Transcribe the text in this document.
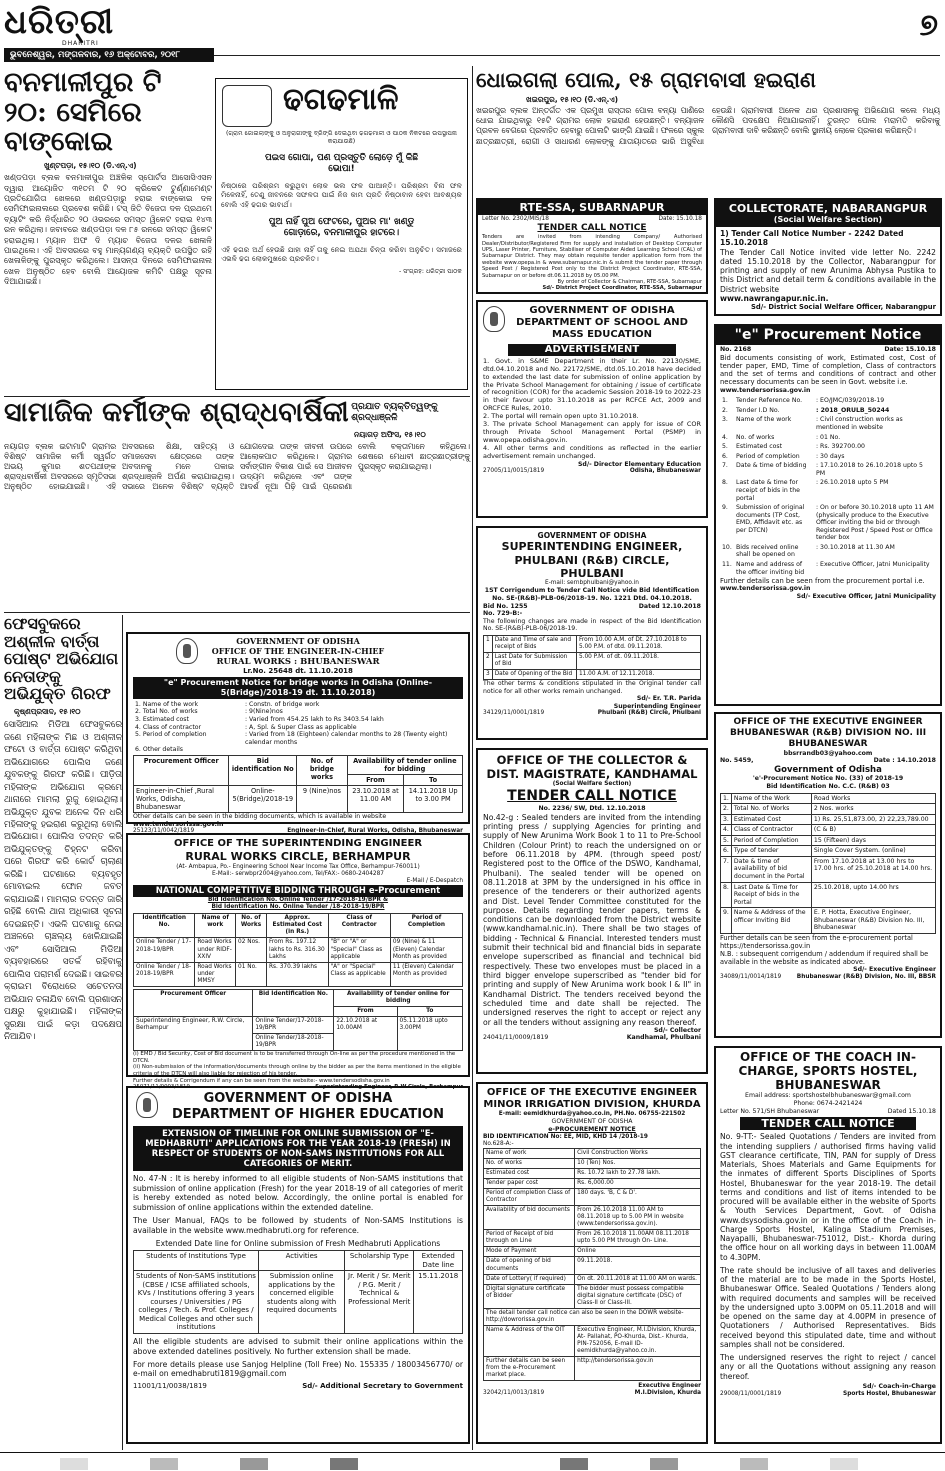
ଧରିତ୍ରୀ
DHARITRI
ଭୁବନେଶ୍ୱର, ମଙ୍ଗଳବାର, ୧୬ ଅକ୍ଟୋବର, ୨୦୧୮
୭
ବନମାଳୀପୁର ଟି ୨୦: ସେମିରେ ବାଙ୍କୋଇ
ଖୁଣ୍ଟପଡ଼ା, ୧୫।୧୦ (ଡି.ଏନ୍.ଏ)
ଖଣ୍ଡପଡ଼ା ବ୍ଲକ ବନମାଳୀପୁର ଅଞ୍ଚଳିକ ସ୍ପୋର୍ଟସ ଆସୋସିଏସନ ଦ୍ୱାରା ଆୟୋଜିତ ୩୧ତମ ଟି ୨୦ କ୍ରିକେଟ ଟୁର୍ଣ୍ଣାମେଣ୍ଟ ପ୍ରତିଯୋଗିତା ଖେଳରେ ଖଣ୍ଡପଡ଼ାରୁ ହରାଇ ବାଙ୍କୋଇ ଦଳ ସେମିଫାଇନାଲରେ ପ୍ରବେଶ କରିଛି। ଟସ୍ ଜିତି ବିଜେତା ଦଳ ପ୍ରଥମେ ବ୍ୟାଟିଂ କରି ନିର୍ଦ୍ଧାରିତ ୨୦ ଓଭରରେ ସମସ୍ତ ୱିକେଟ ହରାଇ ୧୪୩ ରନ କରିଥିଲା। ଜବାବରେ ଖଣ୍ଡପଡ଼ା ଦଳ ୮୫ ରନରେ ସମସ୍ତ ୱିକେଟ ହରାଇଥିଲା। ମ୍ୟାନ ଅଫ ଦି ମ୍ୟାଚ ବିଜେତା ଦଳର ଖେଳାଳି ପାଇଥିଲେ। ଏହି ଅବସରରେ ବହୁ ମାନ୍ୟଗଣ୍ୟ ବ୍ୟକ୍ତି ଉପସ୍ଥିତ ରହି ଖେଳାଳିଙ୍କୁ ପୁରସ୍କୃତ କରିଥିଲେ। ଆସନ୍ତା ଦିନରେ ସେମିଫାଇନାଲ ଖେଳ ଅନୁଷ୍ଠିତ ହେବ ବୋଲି ଆୟୋଜକ କମିଟି ପକ୍ଷରୁ ସୂଚନା ଦିଆଯାଇଛି।
ଢଗଢମାଳି
(ଗ୍ରାମ ଜୋଇଲାଙ୍କୁ ଓ ଅନୁରାଗୀଙ୍କୁ ବ୍ରିଙ୍ଗି ଦେଇଥିବା ଢଗଢମାଳୀ ଓ ପାଠକ ନିକଟରେ ଉପସ୍ଥାପନା କରାଯାଉଛି)
ପଇସ ଗୋପା, ପଣ ପ୍ରସ୍ତୁତି ଲୋଡ଼େ ମୁଁ କିଛି ଭୋପା!
ନିଷ୍ଠାରେ ପରିଶ୍ରମ କରୁଥିବା ଲୋକ ଭଲ ଫଳ ପାଆନ୍ତି। ପରିଶ୍ରମ ବିନା ଫଳ ମିଳେନାହିଁ, ତେଣୁ ଜୀବନରେ ସଫଳତା ପାଇଁ ନିଜ କାମ ପ୍ରତି ନିଷ୍ଠାବାନ ହେବା ଆବଶ୍ୟକ ବୋଲି ଏହି ଢଗର ଭାବାର୍ଥ।
ପୁଅ ନାହିଁ ପୁଅ ଫେଟରେ, ପୁଅର ମା' ଖଣ୍ଡୁ ଗୋଡ଼ାରେ, ବନମାଳୀପୁର ହାଟରେ।
ଏହି ଢଗର ଅର୍ଥ ହେଉଛି ଯାହା ନାହିଁ ତାକୁ ନେଇ ଅଯଥା ଚିନ୍ତା କରିବା ଅନୁଚିତ। ସମାଜରେ ଏଭଳି ଢଗ ଲୋକମୁଖରେ ପ୍ରଚଳିତ।
- ସଂଗ୍ରହ: ଧରିତ୍ରୀ ପାଠକ
ଧୋଇଗଲା ପୋଲ, ୧୫ ଗ୍ରାମବାସୀ ହଇରାଣ
ଖଇରପୁର, ୧୫।୧୦ (ଡି.ଏନ୍.ଏ)
ଖଇରପୁର ବ୍ଲକ ଅନ୍ତର୍ଗତ ଏକ ପ୍ରମୁଖ ରାସ୍ତାର ପୋଲ ବନ୍ୟା ପାଣିରେ ଧୋଇ ଯାଇଥିବାରୁ ୧୫ଟି ଗ୍ରାମର ଲୋକ ହଇରାଣ ହେଉଛନ୍ତି। ବନ୍ୟାଜଳ ପ୍ରବଳ ବେଗରେ ପ୍ରବାହିତ ହେବାରୁ ପୋଲଟି ଭାଙ୍ଗି ଯାଇଛି। ଫଳରେ ସ୍କୁଲ ଛାତ୍ରଛାତ୍ରୀ, ରୋଗୀ ଓ ସାଧାରଣ ଲୋକଙ୍କୁ ଯାତାୟାତରେ ଭାରି ଅସୁବିଧା ହେଉଛି। ଗ୍ରାମବାସୀ ଅନେକ ଥର ପ୍ରଶାସନକୁ ଅଭିଯୋଗ କଲେ ମଧ୍ୟ କୌଣସି ପଦକ୍ଷେପ ନିଆଯାଇନାହିଁ। ତୁରନ୍ତ ପୋଲ ମରାମତି କରିବାକୁ ଗ୍ରାମବାସୀ ଦାବି କରିଛନ୍ତି ବୋଲି ସ୍ଥାନୀୟ ଲୋକେ ପ୍ରକାଶ କରିଛନ୍ତି।
ସାମାଜିକ କର୍ମୀଙ୍କ ଶ୍ରାଦ୍ଧବାର୍ଷିକୀ ପ୍ରଯାତ ବ୍ୟକ୍ତିତ୍ୱଙ୍କୁ ଶ୍ରଦ୍ଧାଞ୍ଜଳି
ନୟାଗଡ଼ ଅଫିସ, ୧୫।୧୦
ନୟାଗଡ଼ ବ୍ଲକ ଇଟାମାଟି ଗ୍ରାମର ବିଶିଷ୍ଟ ସାମାଜିକ କର୍ମୀ ସ୍ୱର୍ଗତ ଅଭୟ କୁମାର ଶତପଥୀଙ୍କ ଶ୍ରାଦ୍ଧବାର୍ଷିକୀ ଅବସରରେ ସ୍ମୃତିସଭା ଅନୁଷ୍ଠିତ ହୋଇଯାଇଛି। ଏହି ଅବସରରେ ଶିକ୍ଷା, ସାହିତ୍ୟ ଓ ସମାଜସେବା କ୍ଷେତ୍ରରେ ତାଙ୍କ ଅବଦାନକୁ ମନେ ପକାଇ ଶ୍ରଦ୍ଧାଞ୍ଜଳି ଅର୍ପଣ କରାଯାଇଥିଲା। ସଭାରେ ଅନେକ ବିଶିଷ୍ଟ ବ୍ୟକ୍ତି ଯୋଗଦେଇ ତାଙ୍କ ଜୀବନୀ ଉପରେ ଆଲୋକପାତ କରିଥିଲେ। ଗ୍ରାମର ସର୍ବାଙ୍ଗୀନ ବିକାଶ ପାଇଁ ସେ ଆଜୀବନ ଉଦ୍ୟମ କରିଥିଲେ ଏବଂ ତାଙ୍କ ଆଦର୍ଶ ନୂଆ ପିଢ଼ି ପାଇଁ ପ୍ରେରଣା ବୋଲି ବକ୍ତାମାନେ କହିଥିଲେ। ଶେଷରେ ମେଧାବୀ ଛାତ୍ରଛାତ୍ରୀଙ୍କୁ ପୁରସ୍କୃତ କରାଯାଇଥିଲା।
ଫେସବୁକରେ ଅଶ୍ଳୀଳ ବାର୍ତ୍ତା ପୋଷ୍ଟ ଅଭିଯୋଗ ନେତାଙ୍କୁ ଅଭିଯୁକ୍ତ ଗିରଫ
କୃଷ୍ଣପ୍ରସାଦ, ୧୫।୧୦
ସୋସିଆଲ ମିଡିଆ ଫେସବୁକରେ ଜଣେ ମହିଳାଙ୍କ ମିଛ ଓ ଅଶ୍ଳୀଳ ଫଟୋ ଓ ବାର୍ତ୍ତା ପୋଷ୍ଟ କରିଥିବା ଅଭିଯୋଗରେ ପୋଲିସ ଜଣେ ଯୁବକଙ୍କୁ ଗିରଫ କରିଛି। ପୀଡ଼ିତା ମହିଳାଙ୍କ ଅଭିଯୋଗ କ୍ରମେ ଥାନାରେ ମାମଲା ରୁଜୁ ହୋଇଥିଲା। ଅଭିଯୁକ୍ତ ଯୁବକ ଅନେକ ଦିନ ଧରି ମହିଳାଙ୍କୁ ହଇରାଣ କରୁଥିଲା ବୋଲି ଅଭିଯୋଗ। ପୋଲିସ ତଦନ୍ତ କରି ଅଭିଯୁକ୍ତଙ୍କୁ ଚିହ୍ନଟ କରିବା ପରେ ଗିରଫ କରି କୋର୍ଟ ଚାଲାଣ କରିଛି। ଘଟଣାରେ ବ୍ୟବହୃତ ମୋବାଇଲ ଫୋନ ଜବତ କରାଯାଇଛି। ମାମଲାର ତଦନ୍ତ ଜାରି ରହିଛି ବୋଲି ଥାନା ଅଧିକାରୀ ସୂଚନା ଦେଇଛନ୍ତି। ଏଭଳି ଘଟଣାକୁ ନେଇ ଅଞ୍ଚଳରେ ଚାଞ୍ଚଲ୍ୟ ଖେଳିଯାଇଛି ଏବଂ ସୋସିଆଲ ମିଡିଆ ବ୍ୟବହାରରେ ସତର୍କ ରହିବାକୁ ପୋଲିସ ପରାମର୍ଶ ଦେଇଛି। ସାଇବର କ୍ରାଇମ ବିରୋଧରେ ସଚେତନତା ଅଭିଯାନ ଚଳାଯିବ ବୋଲି ପ୍ରଶାସନ ପକ୍ଷରୁ କୁହାଯାଇଛି। ମହିଳାଙ୍କ ସୁରକ୍ଷା ପାଇଁ କଡ଼ା ପଦକ୍ଷେପ ନିଆଯିବ।
GOVERNMENT OF ODISHA
OFFICE OF THE ENGINEER-IN-CHIEF
RURAL WORKS : BHUBANESWAR
Lr.No. 25648 dt. 11.10.2018
"e" Procurement Notice for bridge works in Odisha (Online-5(Bridge)/2018-19 dt. 11.10.2018)
1. Name of the work	: Constn. of bridge work
2. Total No. of works	: 9(Nine)nos
3. Estimated cost	: Varied from 454.25 lakh to Rs 3403.54 lakh
4. Class of contractor	: A, Spl. & Super Class as applicable
5. Period of completion	: Varied from 18 (Eighteen) calendar months to 28 (Twenty eight) calendar months
6. Other details	
Procurement Officer	Bid identification No	No. of bridge works	Availability of tender online for bidding	
			From	To
Engineer-in-Chief ,Rural Works, Odisha, Bhubaneswar	Online-5(Bridge)/2018-19	9 (Nine)nos	23.10.2018 at 11.00 AM	14.11.2018 Up to 3.00 PM
Other details can be seen in the bidding documents, which is available in website
www.tendersorissa.gov.in
25123/11/0042/1819	Engineer-in-Chief, Rural Works, Odisha, Bhubaneswar
OFFICE OF THE SUPERINTENDING ENGINEER
RURAL WORKS CIRCLE, BERHAMPUR
(At- Ambapua, Po.- Engineering School Near Income Tax Office, Berhampur-760011)
E-Mail:- serwbpr2004@yahoo.com, Tel/FAX:- 0680-2404287
E-Mail / E-Despatch
NATIONAL COMPETITIVE BIDDING THROUGH e-Procurement
Bid Identification No. Online Tender /17-2018-19/BPR &
Bid Identification No. Online Tender /18-2018-19/BPR
Identification No.	Name of work	No. of Works	Approx. Estimated Cost (in Rs.)	Class of Contractor	Period of Completion
Online Tender / 17-2018-19/BPR	Road Works under RIDF-XXIV	02 Nos.	From Rs. 197.12 lakhs to Rs. 316.30 Lakhs	"B" or "A" or "Special" Class as applicable	09 (Nine) & 11 (Eleven) Calendar Month as provided
Online Tender / 18-2018-19/BPR	Road Works under MMSY	01 No.	Rs. 370.39 lakhs	"A" or "Special" Class as applicable	11 (Eleven) Calendar Month as provided
Procurement Officer	Bid Identification No.	Availability of tender online for bidding	
		From	To
Superintending Engineer, R.W. Circle, Berhampur	Online Tender/17-2018-19/BPR	22.10.2018 at 10.00AM	05.11.2018 upto 3.00PM
	Online Tender/18-2018-19/BPR		
(i) EMD / Bid Security, Cost of Bid document is to be transferred through On-line as per the procedure mentioned in the DTCN.
(ii) Non-submission of the information/documents through online by the bidder as per the items mentioned in the eligible criteria of the DTCN will also liable for rejection of his tender.
Further details & Corrigendum if any can be seen from the website:- www.tendersodisha.gov.in
25071/11/0003/1819	Superintending Engineer, R.W.Circle, Berhampur
GOVERNMENT OF ODISHA
DEPARTMENT OF HIGHER EDUCATION
EXTENSION OF TIMELINE FOR ONLINE SUBMISSION OF "E-MEDHABRUTI" APPLICATIONS FOR THE YEAR 2018-19 (FRESH) IN RESPECT OF STUDENTS OF NON-SAMS INSTITUTIONS FOR ALL CATEGORIES OF MERIT.
No. 47-N : It is hereby informed to all eligible students of Non-SAMS institutions that submission of online application (Fresh) for the year 2018-19 of all categories of merit is hereby extended as noted below. Accordingly, the online portal is enabled for submission of online applications within the extended dateline.
The User Manual, FAQs to be followed by students of Non-SAMS Institutions is available in the website www.medhabruti.org for reference.
Extended Date line for Online submission of Fresh Medhabruti Applications
Students of Institutions Type	Activities	Scholarship Type	Extended Date line
Students of Non-SAMS institutions (CBSE / ICSE affiliated schools, KVs / Institutions offering 3 years courses / Universities / PG colleges / Tech. & Prof. Colleges / Medical Colleges and other such institutions	Submission online applications by the concerned eligible students along with required documents	Jr. Merit / Sr. Merit / P.G. Merit / Technical & Professional Merit	15.11.2018
All the eligible students are advised to submit their online applications within the above extended datelines positively. No further extension shall be made.
For more details please use Sanjog Helpline (Toll Free) No. 155335 / 18003456770/ or e-mail on emedhabruti1819@gmail.com
11001/11/0038/1819	Sd/- Additional Secretary to Government
RTE-SSA, SUBARNAPUR
Letter No. 2302/MIS/18	Date: 15.10.18
TENDER CALL NOTICE
Tenders are invited from intending Company/ Authorised Dealer/Distributor/Registered Firm for supply and installation of Desktop Computer UPS, Laser Printer, Furniture, Stabiliser of Computer Aided Learning School (CAL) of Subarnapur District. They may obtain requisite tender application form from the website www.opepa.in & www.subarnapur.nic.in & submit the tender paper through Speed Post / Registered Post only to the District Project Coordinator, RTE-SSA, Subarnapur on or before dt.06.11.2018 by 05.00 PM.
By order of Collector & Chairman, RTE-SSA, Subarnapur
Sd/- District Project Coordinator, RTE-SSA, Subarnapur
GOVERNMENT OF ODISHA
DEPARTMENT OF SCHOOL AND MASS EDUCATION
ADVERTISEMENT
1. Govt. in S&ME Department in their Lr. No. 22130/SME, dtd.04.10.2018 and No. 22172/SME, dtd.05.10.2018 have decided to extended the last date for submission of online application by the Private School Management for obtaining / issue of certificate of recognition (COR) for the academic Session 2018-19 to 2022-23 in their favour upto 31.10.2018 as per RCFCE Act, 2009 and ORCFCE Rules, 2010.
2. The portal will remain open upto 31.10.2018.
3. The private School Management can apply for issue of COR through Private School Management Portal (PSMP) in www.opepa.odisha.gov.in.
4. All other terms and conditions as reflected in the earlier advertisement remain unchanged.
Sd/- Director Elementary Education
27005/11/0015/1819	Odisha, Bhubaneswar
GOVERNMENT OF ODISHA
SUPERINTENDING ENGINEER,
PHULBANI (R&B) CIRCLE, PHULBANI
E-mail: sernbphulbani@yahoo.in
1ST Corrigendum to Tender Call Notice vide Bid Identification No. SE-(R&B)-PLB-06/2018-19. No. 1221 Dtd. 04.10.2018.
Bid No. 1255	Dated 12.10.2018
No. 729-B:-
The following changes are made in respect of the Bid Identification No. SE-(R&B)-PLB-06/2018-19.
1	Date and Time of sale and receipt of Bids	From 10.00 A.M. of Dt. 27.10.2018 to 5.00 P.M. of dtd. 09.11.2018.
2	Last Date for Submission of Bid	5.00 P.M. of dt. 09.11.2018.
3	Date of Opening of the Bid	11.00 A.M. of 12.11.2018.
The other terms & conditions stipulated in the Original tender call notice for all other works remain unchanged.
Sd/- Er. T.R. Parida
Superintending Engineer
34129/11/0001/1819	Phulbani (R&B) Circle, Phulbani
OFFICE OF THE COLLECTOR & DIST. MAGISTRATE, KANDHAMAL
(Social Welfare Section)
TENDER CALL NOTICE
No. 2236/ SW, Dtd. 12.10.2018
No.42-g : Sealed tenders are invited from the intending printing press / supplying Agencies for printing and supply of New Arunima Work Book 1 to 11 to Pre-School Children (Colour Print) to reach the undersigned on or before 06.11.2018 by 4PM. (through speed post/ Registered post to the Office of the DSWO, Kandhamal, Phulbani). The sealed tender will be opened on 08.11.2018 at 3PM by the undersigned in his office in presence of the tenderers or their authorized agents and Dist. Level Tender Committee constituted for the purpose. Details regarding tender papers, terms & conditions can be downloaded from the District website (www.kandhamal.nic.in). There shall be two stages of bidding - Technical & Financial. Interested tenders must submit their technical bid and financial bids in separate envelope superscribed as financial and technical bid respectively. These two envelopes must be placed in a third bigger envelope superscribed as "tender bid for printing and supply of New Arunima work book I & II" in Kandhamal District. The tenders received beyond the scheduled time and date shall be rejected. The undersigned reserves the right to accept or reject any or all the tenders without assigning any reason thereof.
Sd/- Collector
24041/11/0009/1819	Kandhamal, Phulbani
OFFICE OF THE EXECUTIVE ENGINEER
MINOR IRRIGATION DIVISION, KHURDA
E-mail: eemidkhurda@yahoo.co.in, PH.No. 06755-221502
GOVERNMENT OF ODISHA
e-PROCUREMENT NOTICE
BID IDENTIFICATION No: EE, MID, KHD 14 /2018-19
No.628-A:-
Name of work	Civil Construction Works
No. of works	10 (Ten) Nos.
Estimated cost	Rs. 10.72 lakh to 27.78 lakh.
Tender paper cost	Rs. 6,000.00
Period of completion Class of Contractor	180 days. 'B, C & D'.
Availability of bid documents	From 26.10.2018 11.00 AM to 08.11.2018 up to 5.00 PM in website (www.tendersorissa.gov.in).
Period of Receipt of bid through on Line	From 26.10.2018 11.00AM 08.11.2018 upto 5.00 PM through On- Line.
Mode of Payment	Online
Date of opening of bid documents	09.11.2018.
Date of Lottery( if required)	On dt. 20.11.2018 at 11.00 AM on wards.
Digital signature certificate of Bidder	The bidder must possess compatible digital signature certificate (DSC) of Class-II or Class-III.
The detail tender call notice can also be seen in the DOWR website- http://dowrorissa.gov.in	
Name & Address of the OIT	Executive Engineer, M.I.Division, Khurda, At- Pallahat, PO-Khurda, Dist.- Khurda, PIN-752056, E-mail ID-eemidkhurda@yahoo.co.in.
Further details can be seen from the e-Procurement market place.	http://tendersorissa.gov.in
Executive Engineer
32042/11/0013/1819	M.I.Division, Khurda
COLLECTORATE, NABARANGPUR
(Social Welfare Section)
1) Tender Call Notice Number - 2242 Dated 15.10.2018
The Tender Call Notice invited vide letter No. 2242 dated 15.10.2018 by the Collector, Nabarangpur for printing and supply of new Arunima Abhysa Pustika to this District and detail term & conditions available in the District website
www.nawrangapur.nic.in.
Sd/- District Social Welfare Officer, Nabarangpur
"e" Procurement Notice
No. 2168	Date: 15.10.18
Bid documents consisting of work, Estimated cost, Cost of tender paper, EMD, Time of completion, Class of contractors and the set of terms and conditions of contract and other necessary documents can be seen in Govt. website i.e.
www.tendersorissa.gov.in
1.	Tender Reference No.	: EO/JMC/039/2018-19
2.	Tender I.D No.	: 2018_ORULB_50244
3.	Name of the work	: Civil construction works as mentioned in website
4.	No. of works	: 01 No.
5.	Estimated cost	: Rs. 392700.00
6.	Period of completion	: 30 days
7.	Date & time of bidding	: 17.10.2018 to 26.10.2018 upto 5 PM
8.	Last date & time for receipt of bids in the portal	: 26.10.2018 upto 5 PM
9.	Submission of original documents (TP Cost, EMD, Affidavit etc. as per DTCN)	: On or before 30.10.2018 upto 11 AM (physically produce to the Executive Officer inviting the bid or through Registered Post / Speed Post or Office tender box
10.	Bids received online shall be opened on	: 30.10.2018 at 11.30 AM
11.	Name and address of the officer inviting bid	: Executive Officer, Jatni Municipality
Further details can be seen from the procurement portal i.e.
www.tendersorissa.gov.in
Sd/- Executive Officer, Jatni Municipality
OFFICE OF THE EXECUTIVE ENGINEER
BHUBANESWAR (R&B) DIVISION NO. III
BHUBANESWAR
bbsrrandb03@yahoo.com
No. 5459,	Date : 14.10.2018
Government of Odisha
'e'-Procurement Notice No. (33) of 2018-19
Bid Identification No. C.C. (R&B) 03
1.	Name of the Work	Road Works
2.	Total No. of Works	2 Nos. works
3.	Estimated Cost	1) Rs. 25,51,873.00, 2) 22,23,789.00
4.	Class of Contractor	(C & B)
5.	Period of Completion	15 (Fifteen) days
6.	Type of tender	Single Cover System. (online)
7.	Date & time of availability of bid document in the Portal	From 17.10.2018 at 13.00 hrs to 17.00 hrs. of 25.10.2018 at 14.00 hrs.
8.	Last Date & Time for Receipt of bids in the Portal	25.10.2018, upto 14.00 hrs
9.	Name & Address of the officer Inviting Bid	E. P. Hotta, Executive Engineer, Bhubaneswar (R&B) Division No. III, Bhubaneswar
Further details can be seen from the e-procurement portal https://tendersorissa.gov.in
N.B. : subsequent corrigendum / addendum if required shall be available in the website as indicated above.
Sd/- Executive Engineer
34089/11/0014/1819	Bhubaneswar (R&B) Division, No. III, BBSR
OFFICE OF THE COACH IN-CHARGE, SPORTS HOSTEL, BHUBANESWAR
Email address: sportshostelbhubaneswar@gmail.com
Phone: 0674-2421424
Letter No. 571/SH Bhubaneswar	Dated 15.10.18
TENDER CALL NOTICE
No. 9-TT:- Sealed Quotations / Tenders are invited from the intending suppliers / authorised firms having valid GST clearance certificate, TIN, PAN for supply of Dress Materials, Shoes Materials and Game Equipments for the inmates of different Sports Disciplines of Sports Hostel, Bhubaneswar for the year 2018-19. The detail terms and conditions and list of items intended to be procured will be available either in the website of Sports & Youth Services Department, Govt. of Odisha www.dsysodisha.gov.in or in the office of the Coach in-Charge Sports Hostel, Kalinga Stadium Premises, Nayapalli, Bhubaneswar-751012, Dist.- Khorda during the office hour on all working days in between 11.00AM to 4.30PM.
The rate should be inclusive of all taxes and deliveries of the material are to be made in the Sports Hostel, Bhubaneswar Office. Sealed Quotations / Tenders along with required documents and samples will be received by the undersigned upto 3.00PM on 05.11.2018 and will be opened on the same day at 4.00PM in presence of Quotationers / Authorised Representatives. Bids received beyond this stipulated date, time and without samples shall not be considered.
The undersigned reserves the right to reject / cancel any or all the Quotations without assigning any reason thereof.
Sd/- Coach-in-Charge
29008/11/0001/1819	Sports Hostel, Bhubaneswar
